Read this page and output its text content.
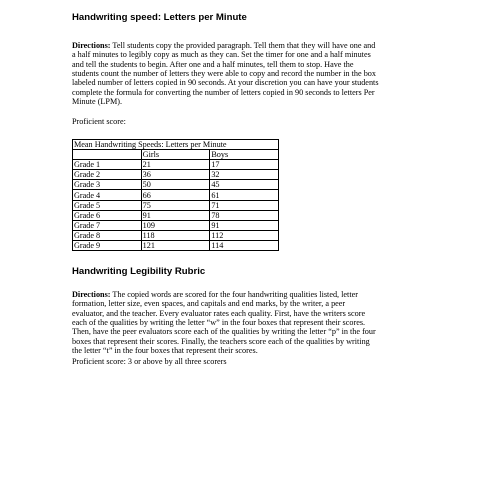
Handwriting speed: Letters per Minute

Directions: Tell students copy the provided paragraph. Tell them that they will have one and
a half minutes to legibly copy as much as they can. Set the timer for one and a half minutes
and tell the students to begin. After one and a half minutes, tell them to stop. Have the
students count the number of letters they were able to copy and record the number in the box
labeled number of letters copied in 90 seconds. At your discretion you can have your students
complete the formula for converting the number of letters copied in 90 seconds to letters Per
Minute (LPM).

Proficient score:
Mean Handwriting Speeds: Letters per Minute		
	Girls	Boys
Grade 1	21	17
Grade 2	36	32
Grade 3	50	45
Grade 4	66	61
Grade 5	75	71
Grade 6	91	78
Grade 7	109	91
Grade 8	118	112
Grade 9	121	114
Handwriting Legibility Rubric

Directions: The copied words are scored for the four handwriting qualities listed, letter
formation, letter size, even spaces, and capitals and end marks, by the writer, a peer
evaluator, and the teacher. Every evaluator rates each quality. First, have the writers score
each of the qualities by writing the letter “w” in the four boxes that represent their scores.
Then, have the peer evaluators score each of the qualities by writing the letter “p” in the four
boxes that represent their scores. Finally, the teachers score each of the qualities by writing
the letter “t” in the four boxes that represent their scores.

Proficient score: 3 or above by all three scorers
